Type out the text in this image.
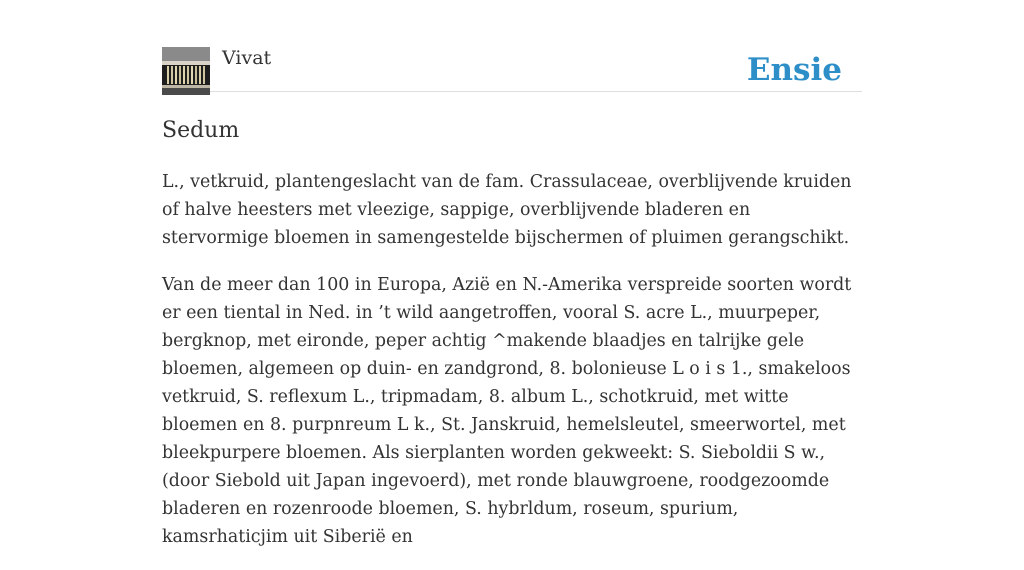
Vivat	Ensie
Sedum

L., vetkruid, plantengeslacht van de fam. Crassulaceae, overblijvende kruiden of halve heesters met vleezige, sappige, overblijvende bladeren en stervormige bloemen in samengestelde bijschermen of pluimen gerangschikt.

Van de meer dan 100 in Europa, Azië en N.-Amerika verspreide soorten wordt er een tiental in Ned. in ’t wild aangetroffen, vooral S. acre L., muurpeper, bergknop, met eironde, peper achtig ^makende blaadjes en talrijke gele bloemen, algemeen op duin- en zandgrond, 8. bolonieuse L o i s 1., smakeloos vetkruid, S. reflexum L., tripmadam, 8. album L., schotkruid, met witte bloemen en 8. purpnreum L k., St. Janskruid, hemelsleutel, smeerwortel, met bleekpurpere bloemen. Als sierplanten worden gekweekt: S. Sieboldii S w., (door Siebold uit Japan ingevoerd), met ronde blauwgroene, roodgezoomde bladeren en rozenroode bloemen, S. hybrldum, roseum, spurium, kamsrhaticjim uit Siberië en
